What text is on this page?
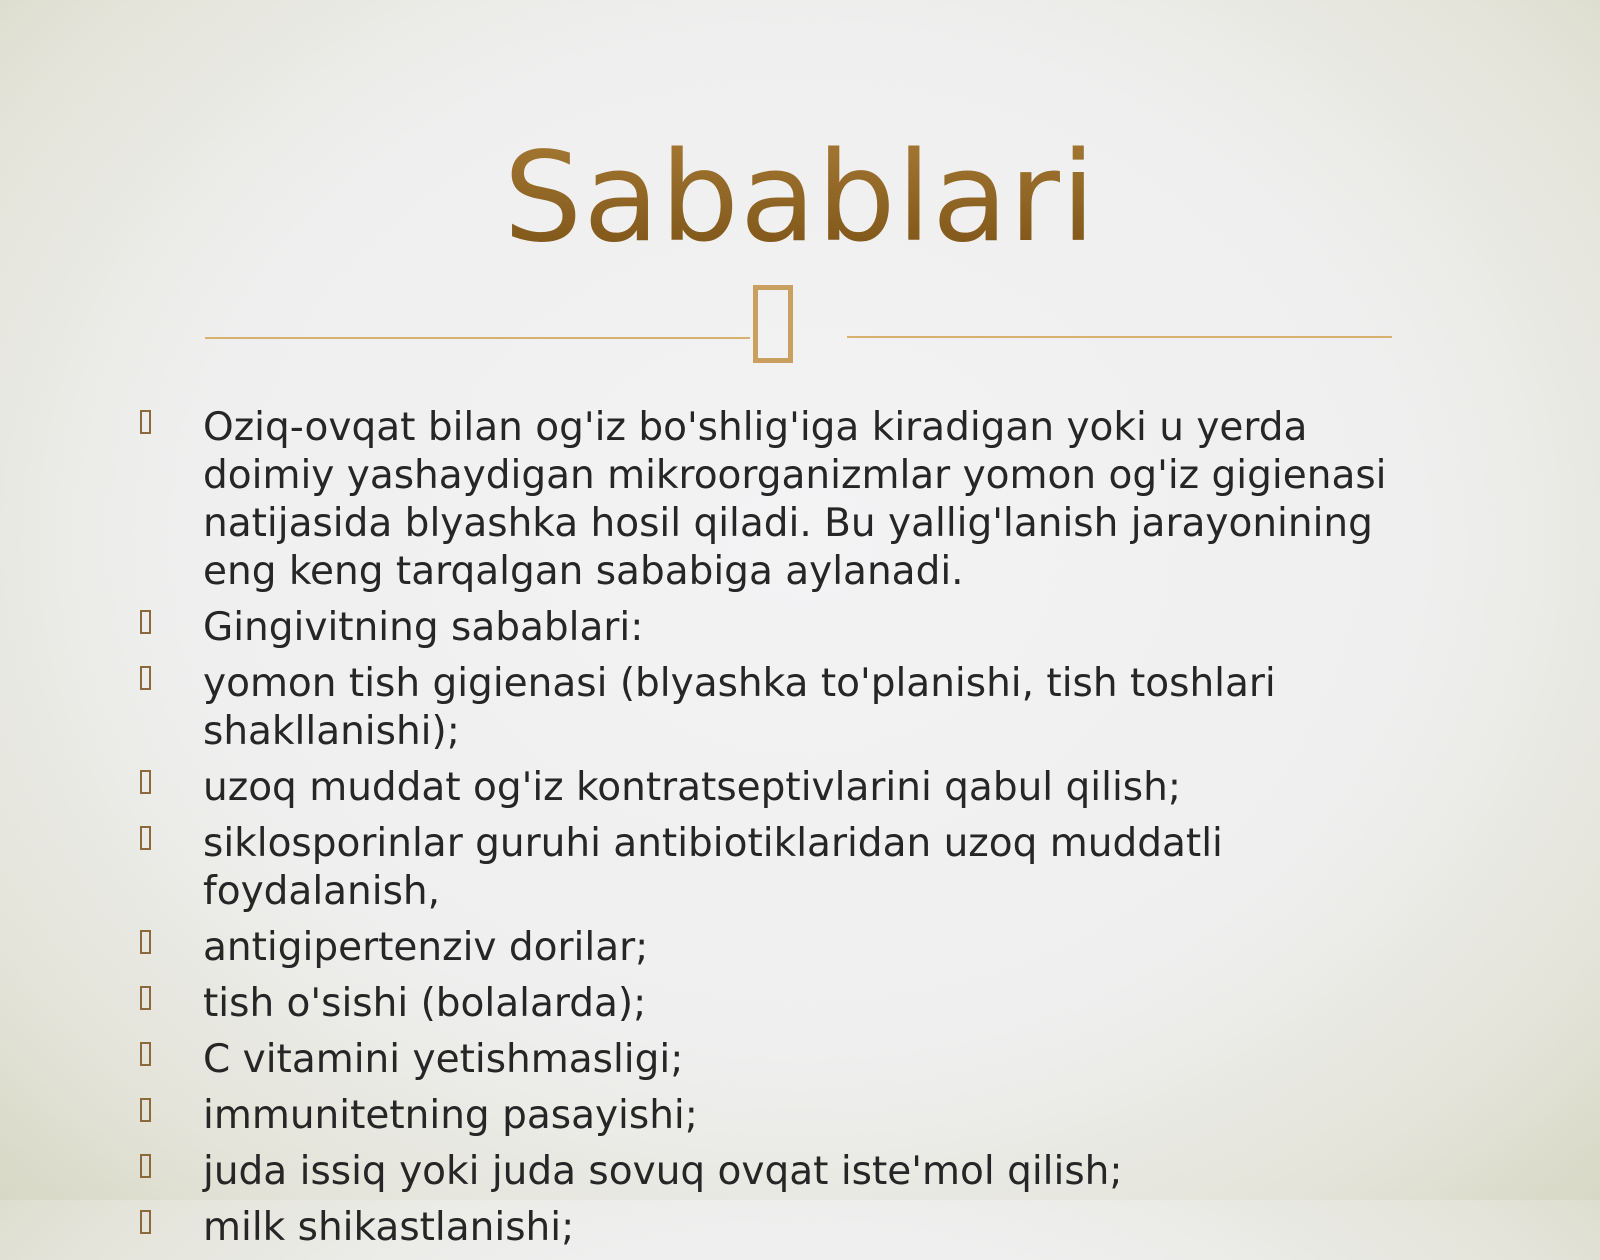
Sabablari
Oziq-ovqat bilan og'iz bo'shlig'iga kiradigan yoki u yerda doimiy yashaydigan mikroorganizmlar yomon og'iz gigienasi natijasida blyashka hosil qiladi. Bu yallig'lanish jarayonining eng keng tarqalgan sababiga aylanadi.
Gingivitning sabablari:
yomon tish gigienasi (blyashka to'planishi, tish toshlari shakllanishi);
uzoq muddat og'iz kontratseptivlarini qabul qilish;
siklosporinlar guruhi antibiotiklaridan uzoq muddatli foydalanish,
antigipertenziv dorilar;
tish o'sishi (bolalarda);
C vitamini yetishmasligi;
immunitetning pasayishi;
juda issiq yoki juda sovuq ovqat iste'mol qilish;
milk shikastlanishi;
